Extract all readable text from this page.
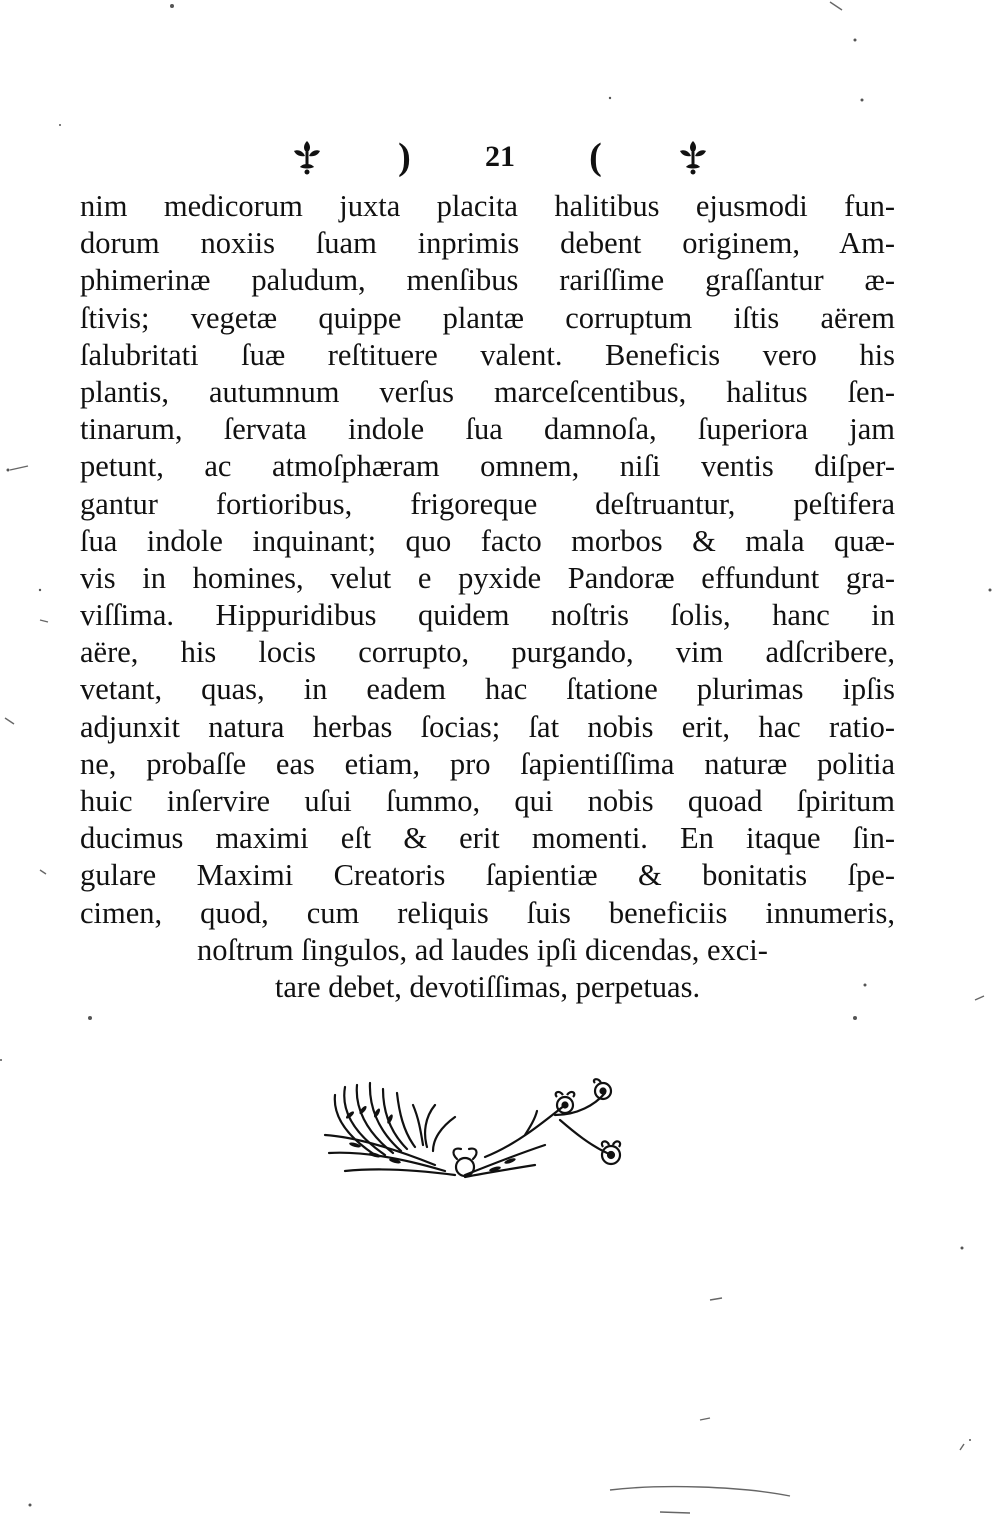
) 21 (
nim medicorum juxta placita halitibus ejusmodi fun-
dorum noxiis ſuam inprimis debent originem, Am-
phimerinæ paludum, menſibus rariſſime graſſantur æ-
ſtivis; vegetæ quippe plantæ corruptum iſtis aërem
ſalubritati ſuæ reſtituere valent. Beneficis vero his
plantis, autumnum verſus marceſcentibus, halitus ſen-
tinarum, ſervata indole ſua damnoſa, ſuperiora jam
petunt, ac atmoſphæram omnem, niſi ventis diſper-
gantur fortioribus, frigoreque deſtruantur, peſtifera
ſua indole inquinant; quo facto morbos & mala quæ-
vis in homines, velut e pyxide Pandoræ effundunt gra-
viſſima. Hippuridibus quidem noſtris ſolis, hanc in
aëre, his locis corrupto, purgando, vim adſcribere,
vetant, quas, in eadem hac ſtatione plurimas ipſis
adjunxit natura herbas ſocias; ſat nobis erit, hac ratio-
ne, probaſſe eas etiam, pro ſapientiſſima naturæ politia
huic inſervire uſui ſummo, qui nobis quoad ſpiritum
ducimus maximi eſt & erit momenti. En itaque ſin-
gulare Maximi Creatoris ſapientiæ & bonitatis ſpe-
cimen, quod, cum reliquis ſuis beneficiis innumeris,
noſtrum ſingulos, ad laudes ipſi dicendas, exci-
tare debet, devotiſſimas, perpetuas.
